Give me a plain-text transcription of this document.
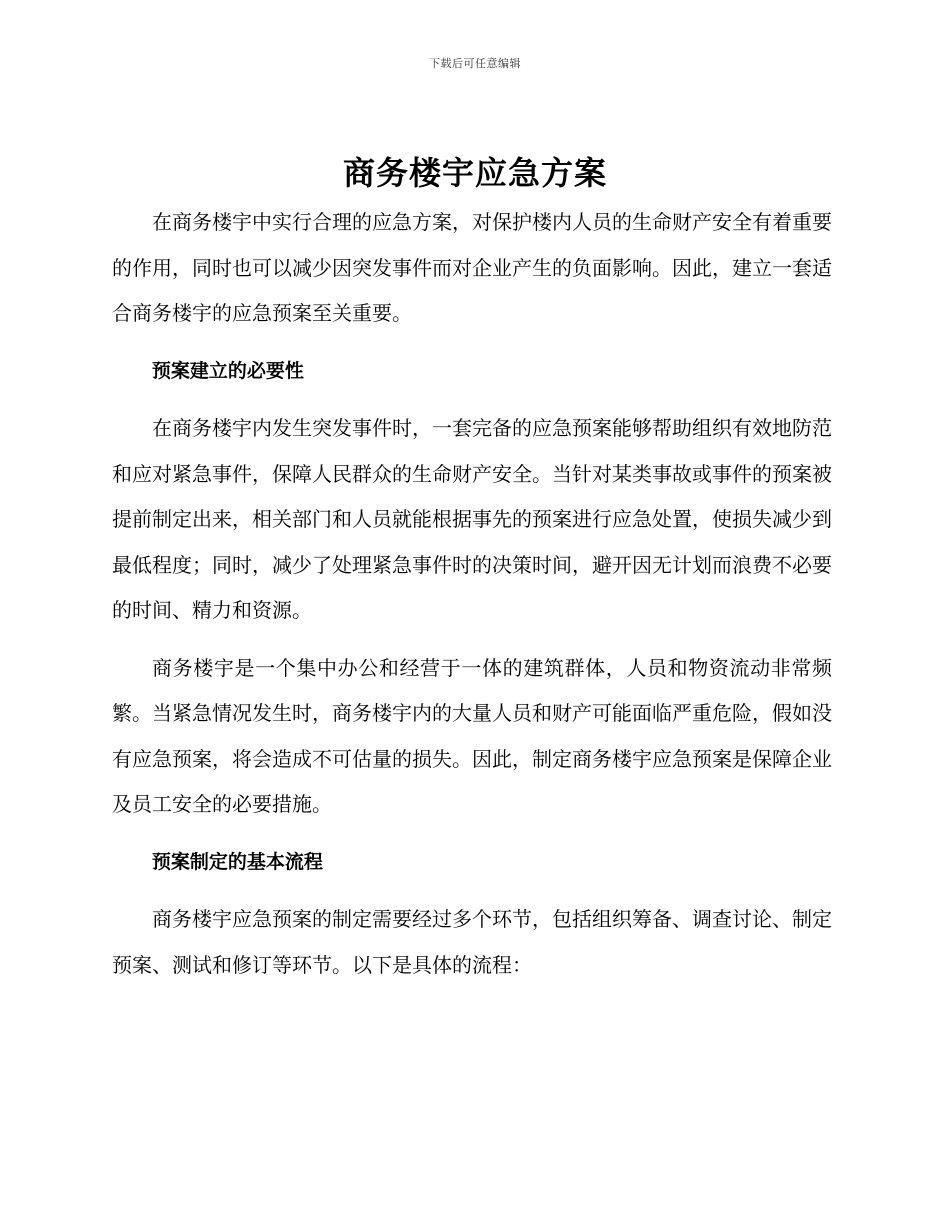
下载后可任意编辑
商务楼宇应急方案

在商务楼宇中实行合理的应急方案，对保护楼内人员的生命财产安全有着重要的作用，同时也可以减少因突发事件而对企业产生的负面影响。因此，建立一套适合商务楼宇的应急预案至关重要。

预案建立的必要性

在商务楼宇内发生突发事件时，一套完备的应急预案能够帮助组织有效地防范和应对紧急事件，保障人民群众的生命财产安全。当针对某类事故或事件的预案被提前制定出来，相关部门和人员就能根据事先的预案进行应急处置，使损失减少到最低程度；同时，减少了处理紧急事件时的决策时间，避开因无计划而浪费不必要的时间、精力和资源。

商务楼宇是一个集中办公和经营于一体的建筑群体，人员和物资流动非常频繁。当紧急情况发生时，商务楼宇内的大量人员和财产可能面临严重危险，假如没有应急预案，将会造成不可估量的损失。因此，制定商务楼宇应急预案是保障企业及员工安全的必要措施。

预案制定的基本流程

商务楼宇应急预案的制定需要经过多个环节，包括组织筹备、调查讨论、制定预案、测试和修订等环节。以下是具体的流程：
